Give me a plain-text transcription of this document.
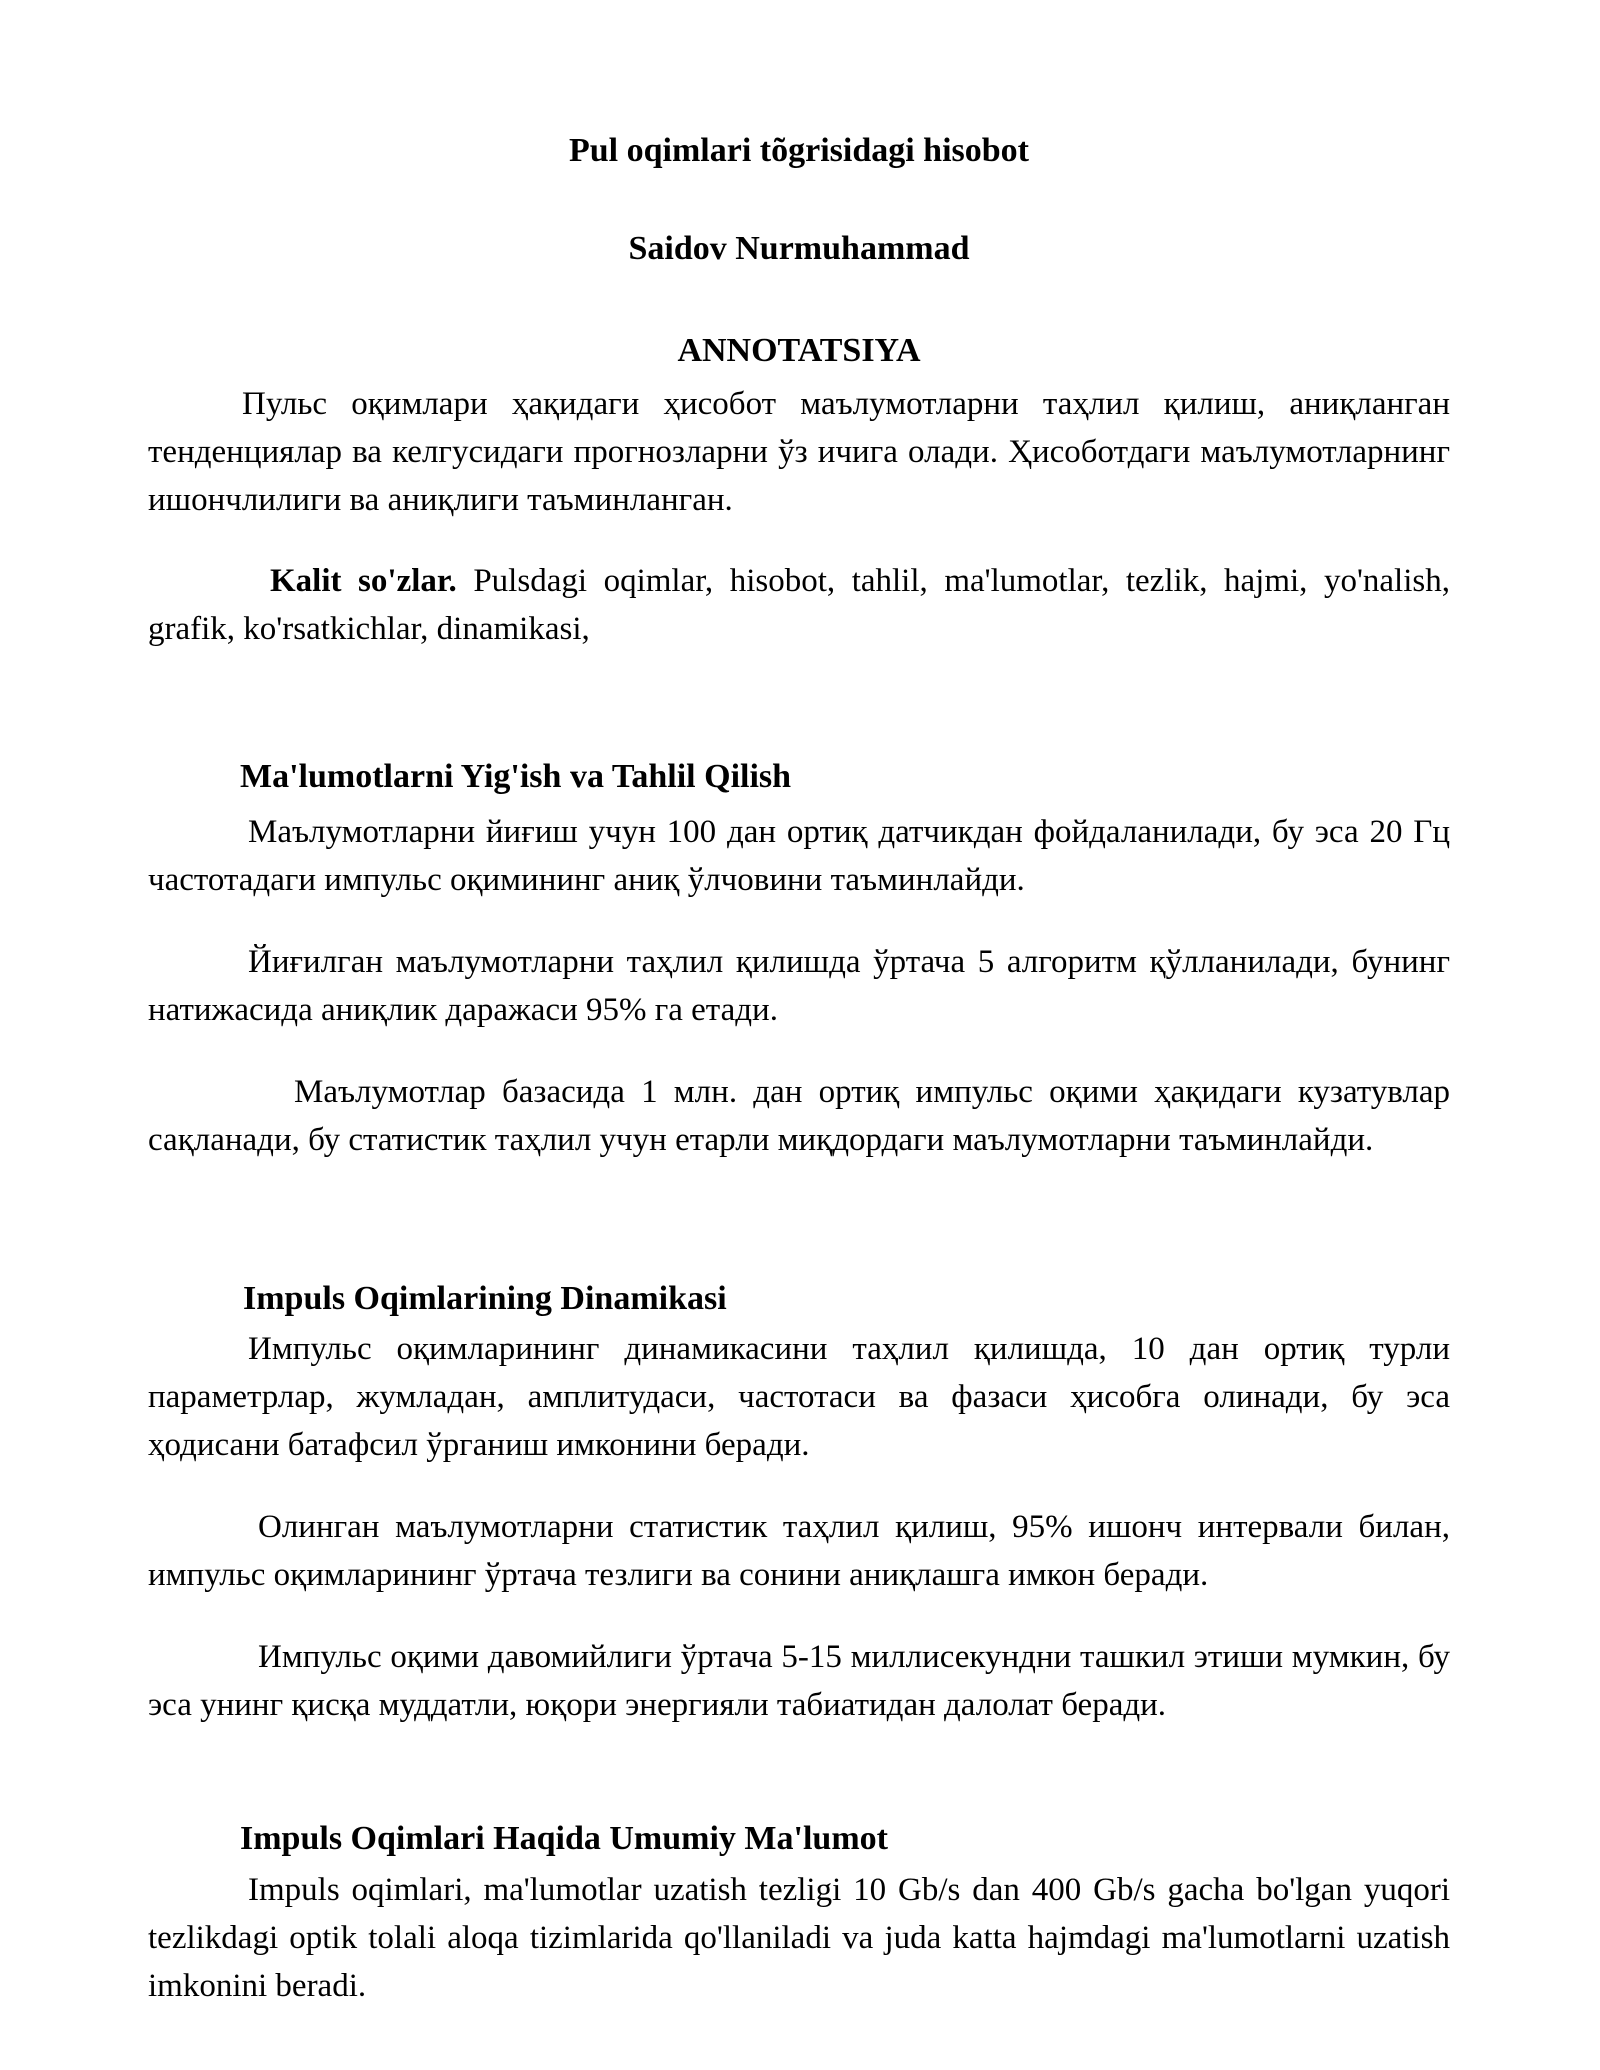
Pul oqimlari tõgrisidagi hisobot

Saidov Nurmuhammad

ANNOTATSIYA

Пульс оқимлари ҳақидаги ҳисобот маълумотларни таҳлил қилиш, аниқланган тенденциялар ва келгусидаги прогнозларни ўз ичига олади. Ҳисоботдаги маълумотларнинг ишончлилиги ва аниқлиги таъминланган.

Kalit so'zlar. Pulsdagi oqimlar, hisobot, tahlil, ma'lumotlar, tezlik, hajmi, yo'nalish, grafik, ko'rsatkichlar, dinamikasi,

Ma'lumotlarni Yig'ish va Tahlil Qilish

Маълумотларни йиғиш учун 100 дан ортиқ датчикдан фойдаланилади, бу эса 20 Гц частотадаги импульс оқимининг аниқ ўлчовини таъминлайди.

Йиғилган маълумотларни таҳлил қилишда ўртача 5 алгоритм қўлланилади, бунинг натижасида аниқлик даражаси 95% га етади.

Маълумотлар базасида 1 млн. дан ортиқ импульс оқими ҳақидаги кузатувлар сақланади, бу статистик таҳлил учун етарли миқдордаги маълумотларни таъминлайди.

Impuls Oqimlarining Dinamikasi

Импульс оқимларининг динамикасини таҳлил қилишда, 10 дан ортиқ турли параметрлар, жумладан, амплитудаси, частотаси ва фазаси ҳисобга олинади, бу эса ҳодисани батафсил ўрганиш имконини беради.

Олинган маълумотларни статистик таҳлил қилиш, 95% ишонч интервали билан, импульс оқимларининг ўртача тезлиги ва сонини аниқлашга имкон беради.

Импульс оқими давомийлиги ўртача 5-15 миллисекундни ташкил этиши мумкин, бу эса унинг қисқа муддатли, юқори энергияли табиатидан далолат беради.

Impuls Oqimlari Haqida Umumiy Ma'lumot

Impuls oqimlari, ma'lumotlar uzatish tezligi 10 Gb/s dan 400 Gb/s gacha bo'lgan yuqori tezlikdagi optik tolali aloqa tizimlarida qo'llaniladi va juda katta hajmdagi ma'lumotlarni uzatish imkonini beradi.
